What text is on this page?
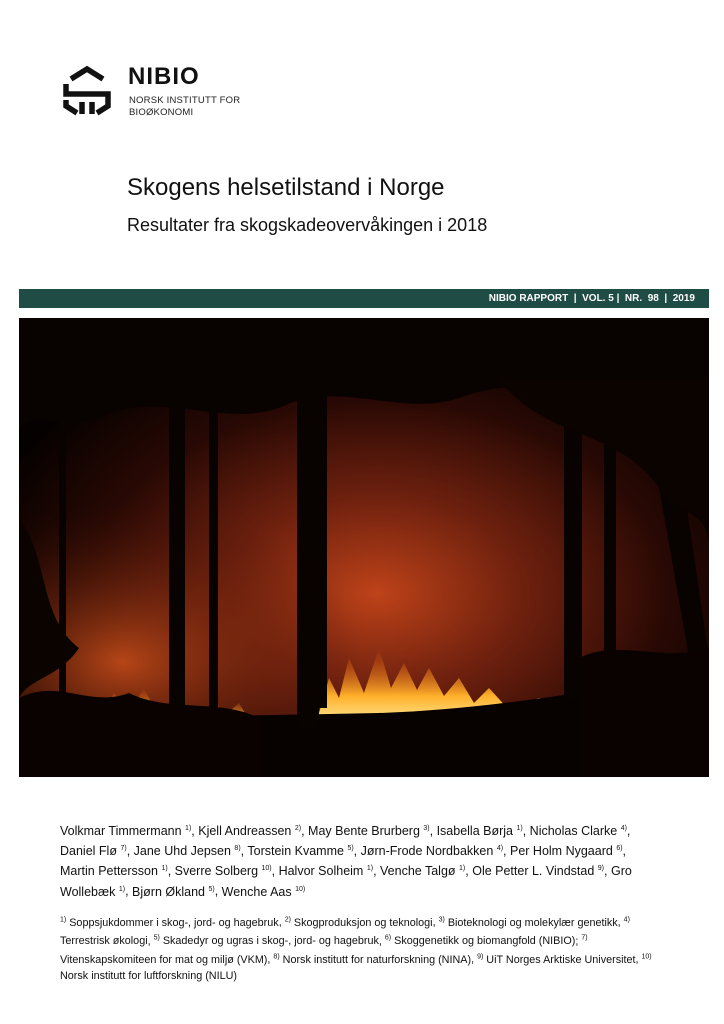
NIBIO
NORSK INSTITUTT FOR
BIOØKONOMI
Skogens helsetilstand i Norge
Resultater fra skogskadeovervåkingen i 2018
NIBIO RAPPORT  |  VOL. 5 |  NR.  98  |  2019
Volkmar Timmermann $^{1)}$, Kjell Andreassen $^{2)}$, May Bente Brurberg $^{3)}$, Isabella Børja $^{1)}$, Nicholas Clarke $^{4)}$, Daniel Flø $^{7)}$, Jane Uhd Jepsen $^{8)}$, Torstein Kvamme $^{5)}$, Jørn-Frode Nordbakken $^{4)}$, Per Holm Nygaard $^{6)}$, Martin Pettersson $^{1)}$, Sverre Solberg $^{10)}$, Halvor Solheim $^{1)}$, Venche Talgø $^{1)}$, Ole Petter L. Vindstad $^{9)}$, Gro Wollebæk $^{1)}$, Bjørn Økland $^{5)}$, Wenche Aas $^{10)}$
$^{1)}$ Soppsjukdommer i skog-, jord- og hagebruk, $^{2)}$ Skogproduksjon og teknologi, $^{3)}$ Bioteknologi og molekylær genetikk, $^{4)}$ Terrestrisk økologi, $^{5)}$ Skadedyr og ugras i skog-, jord- og hagebruk, $^{6)}$ Skoggenetikk og biomangfold (NIBIO); $^{7)}$ Vitenskapskomiteen for mat og miljø (VKM), $^{8)}$ Norsk institutt for naturforskning (NINA), $^{9)}$ UiT Norges Arktiske Universitet, $^{10)}$ Norsk institutt for luftforskning (NILU)
